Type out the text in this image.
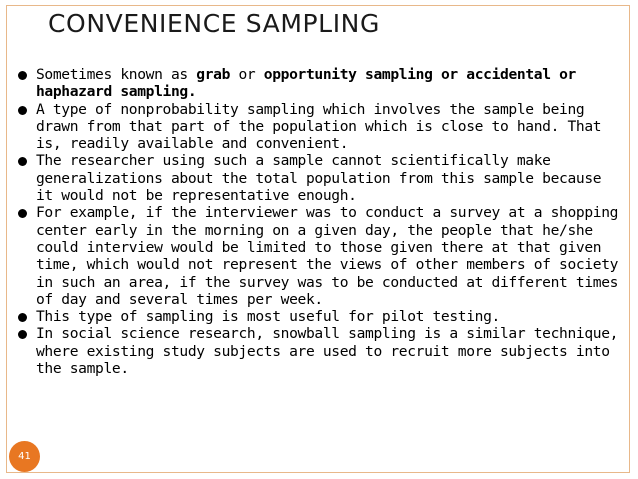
CONVENIENCE SAMPLING
Sometimes known as grab or opportunity sampling or accidental or haphazard sampling.
A type of nonprobability sampling which involves the sample being drawn from that part of the population which is close to hand. That is, readily available and convenient.
The researcher using such a sample cannot scientifically make generalizations about the total population from this sample because it would not be representative enough.
For example, if the interviewer was to conduct a survey at a shopping center early in the morning on a given day, the people that he/she could interview would be limited to those given there at that given time, which would not represent the views of other members of society in such an area, if the survey was to be conducted at different times of day and several times per week.
This type of sampling is most useful for pilot testing.
In social science research, snowball sampling is a similar technique, where existing study subjects are used to recruit more subjects into the sample.
41
